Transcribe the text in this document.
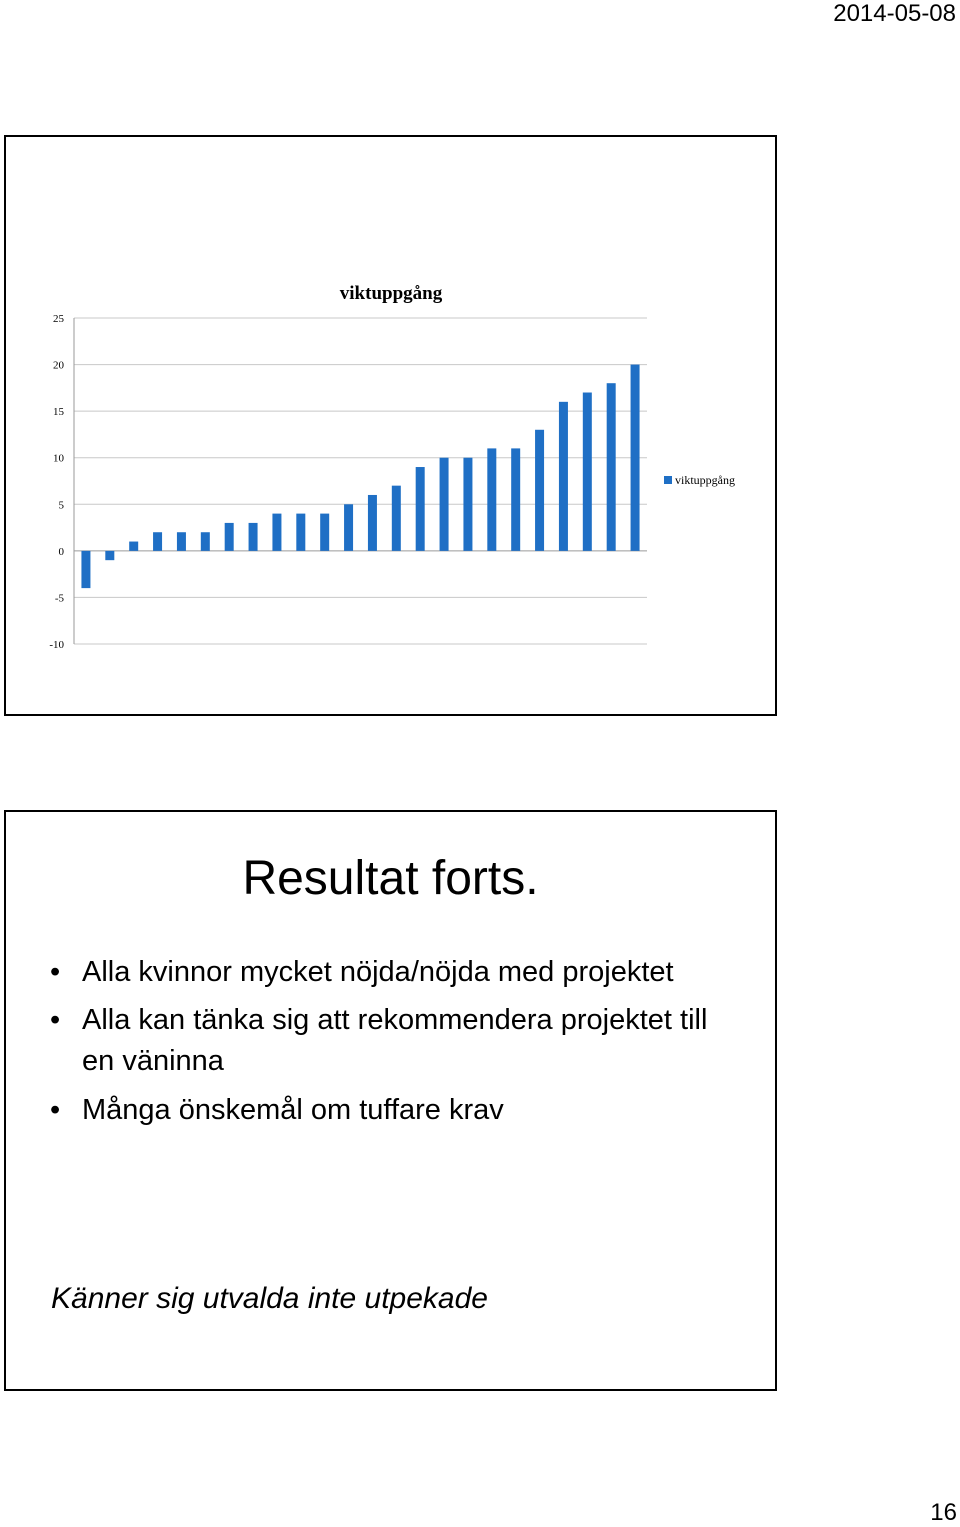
2014-05-08
25
20
15
10
5
0
-5
-10
viktuppgång
viktuppgång
Resultat forts.
• Alla kvinnor mycket nöjda/nöjda med projektet
• Alla kan tänka sig att rekommendera projektet till en väninna
• Många önskemål om tuffare krav
Känner sig utvalda inte utpekade
16
